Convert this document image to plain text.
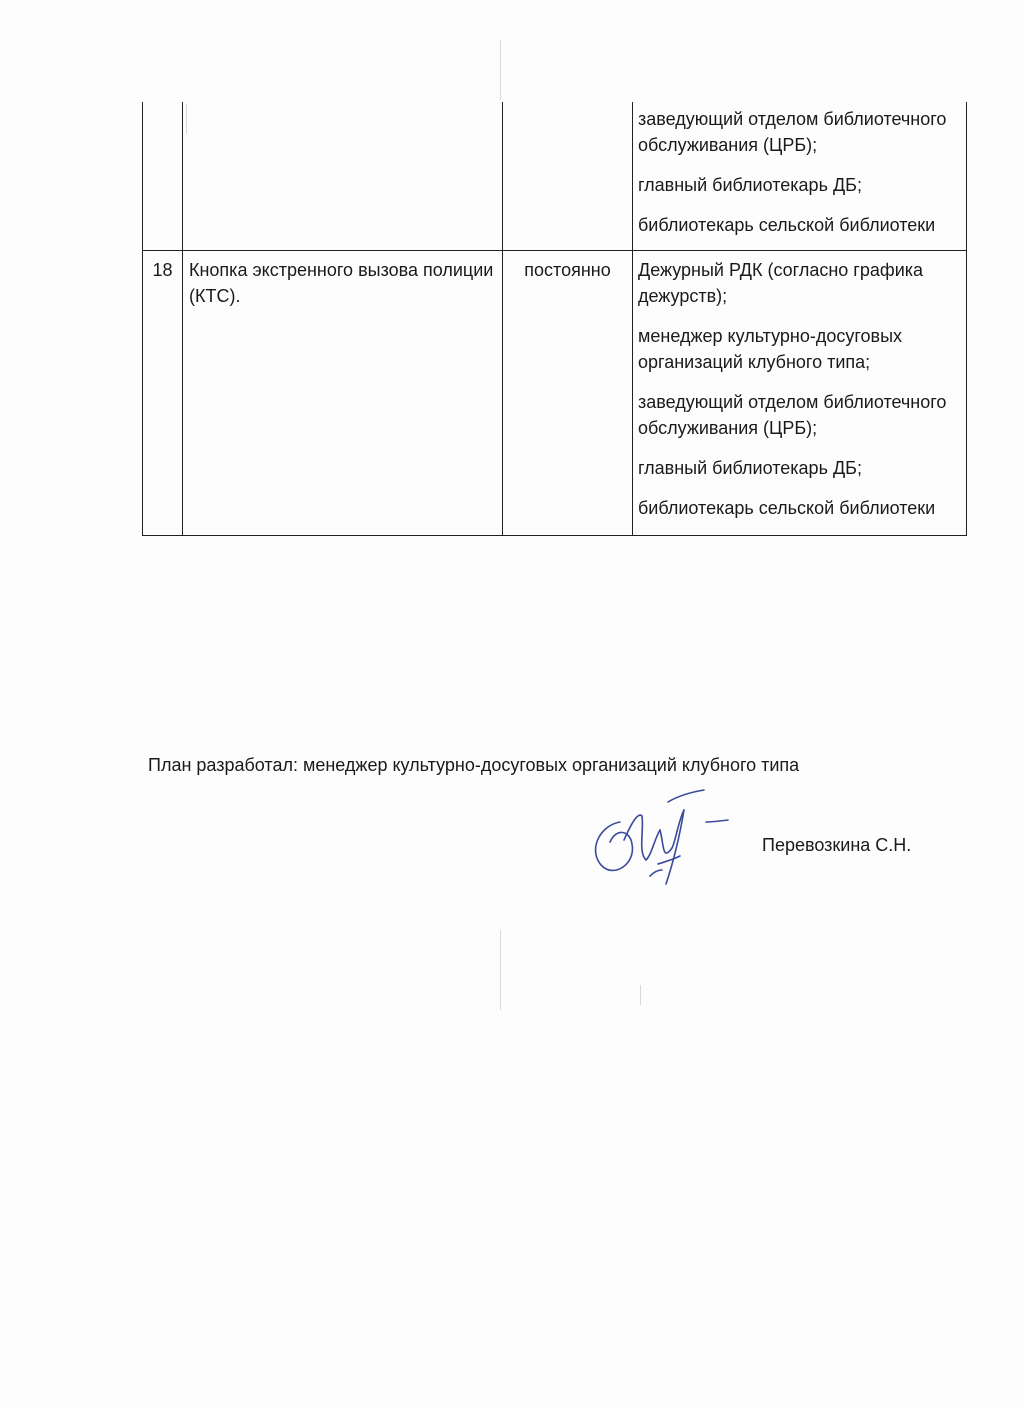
			заведующий отделом библиотечного обслуживания (ЦРБ);

главный библиотекарь ДБ;

библиотекарь сельской библиотеки

18	Кнопка экстренного вызова полиции (КТС).	постоянно	Дежурный РДК (согласно графика дежурств);

менеджер культурно-досуговых организаций клубного типа;

заведующий отделом библиотечного обслуживания (ЦРБ);

главный библиотекарь ДБ;

библиотекарь сельской библиотеки

План разработал: менеджер культурно-досуговых организаций клубного типа
Перевозкина С.Н.
